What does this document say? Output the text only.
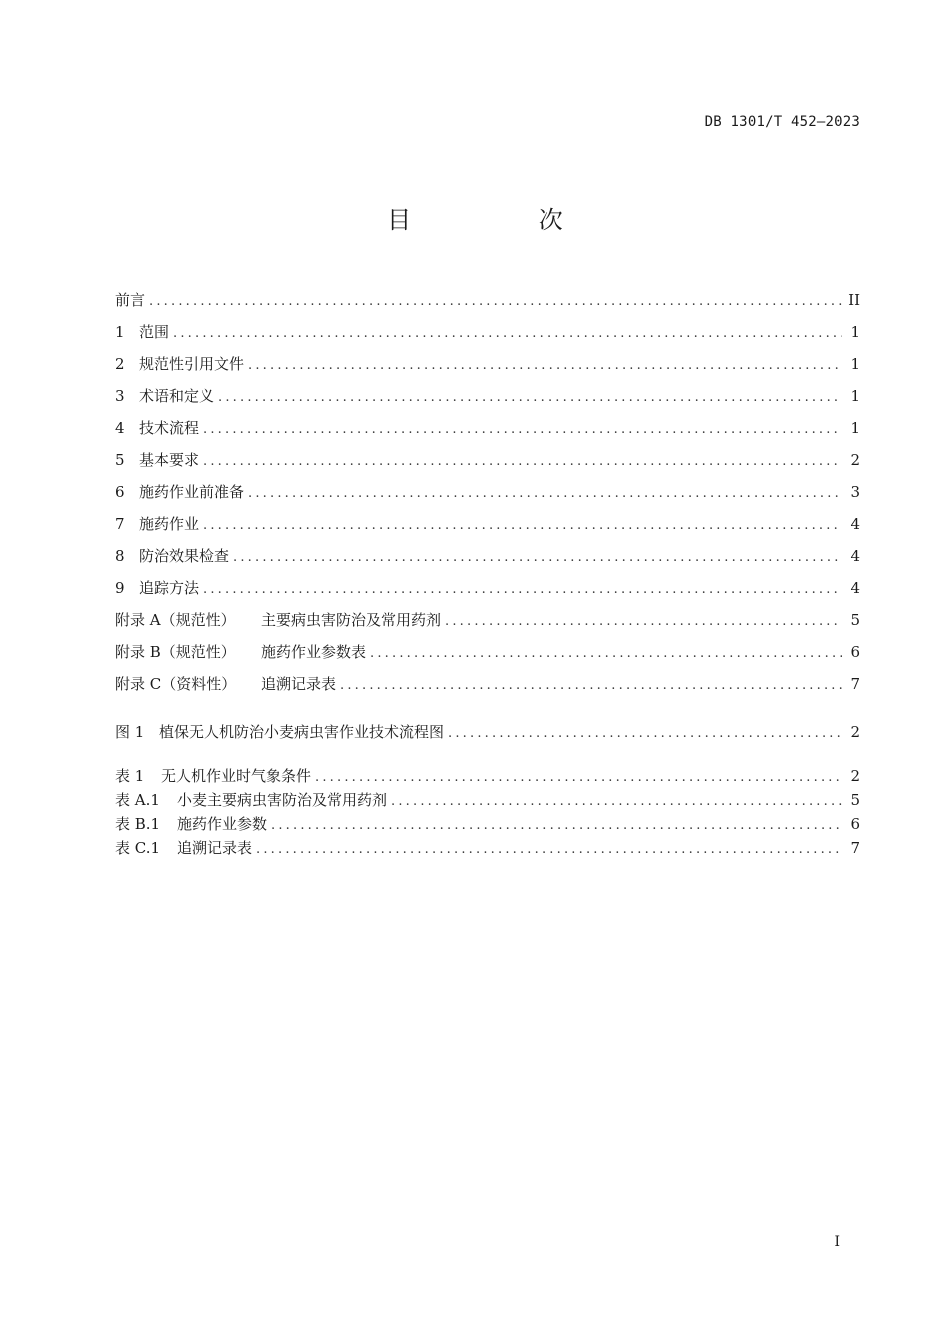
DB 1301/T 452—2023
目 次
前言 .....	II
1 范围 .....	1
2 规范性引用文件 .....	1
3 术语和定义 .....	1
4 技术流程 .....	1
5 基本要求 .....	2
6 施药作业前准备 .....	3
7 施药作业 .....	4
8 防治效果检查 .....	4
9 追踪方法 .....	4
附录 A（规范性）	主要病虫害防治及常用药剂 .....	5
附录 B（规范性）	施药作业参数表 .....	6
附录 C（资料性）	追溯记录表 .....	7
图 1 植保无人机防治小麦病虫害作业技术流程图 .....	2
表 1	无人机作业时气象条件 .....	2
表 A.1	小麦主要病虫害防治及常用药剂 .....	5
表 B.1	施药作业参数 .....	6
表 C.1	追溯记录表 .....	7
I
